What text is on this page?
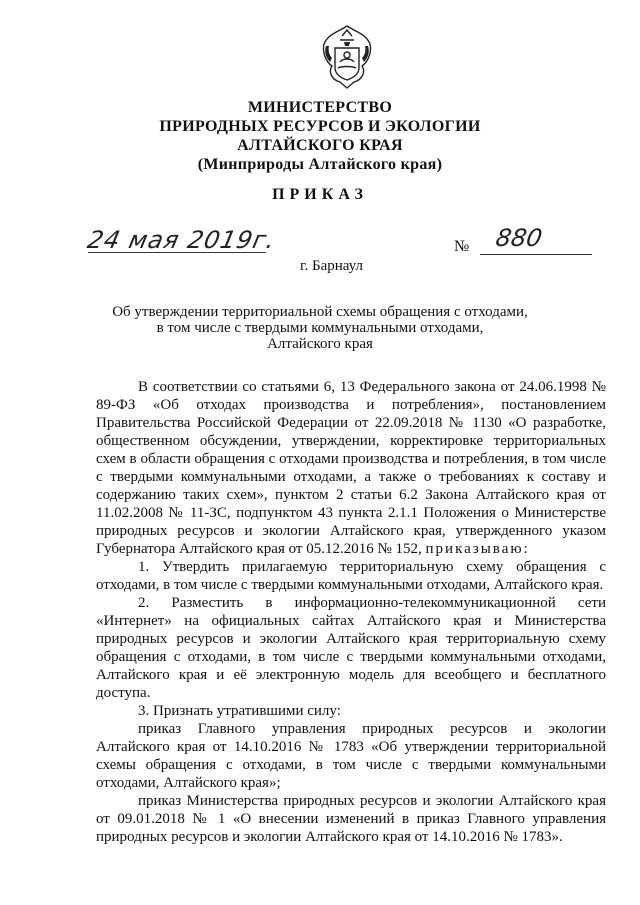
МИНИСТЕРСТВО
ПРИРОДНЫХ РЕСУРСОВ И ЭКОЛОГИИ
АЛТАЙСКОГО КРАЯ
(Минприроды Алтайского края)
ПРИКАЗ
24 мая 2019г.	№ 880
г. Барнаул
Об утверждении территориальной схемы обращения с отходами,
в том числе с твердыми коммунальными отходами,
Алтайского края

В соответствии со статьями 6, 13 Федерального закона от 24.06.1998 № 89-ФЗ «Об отходах производства и потребления», постановлением Правительства Российской Федерации от 22.09.2018 № 1130 «О разработке, общественном обсуждении, утверждении, корректировке территориальных схем в области обращения с отходами производства и потребления, в том числе с твердыми коммунальными отходами, а также о требованиях к составу и содержанию таких схем», пунктом 2 статьи 6.2 Закона Алтайского края от 11.02.2008 № 11-ЗС, подпунктом 43 пункта 2.1.1 Положения о Министерстве природных ресурсов и экологии Алтайского края, утвержденного указом Губернатора Алтайского края от 05.12.2016 № 152, приказываю:

1. Утвердить прилагаемую территориальную схему обращения с отходами, в том числе с твердыми коммунальными отходами, Алтайского края.

2. Разместить в информационно-телекоммуникационной сети «Интернет» на официальных сайтах Алтайского края и Министерства природных ресурсов и экологии Алтайского края территориальную схему обращения с отходами, в том числе с твердыми коммунальными отходами, Алтайского края и её электронную модель для всеобщего и бесплатного доступа.

3. Признать утратившими силу:

приказ Главного управления природных ресурсов и экологии Алтайского края от 14.10.2016 № 1783 «Об утверждении территориальной схемы обращения с отходами, в том числе с твердыми коммунальными отходами, Алтайского края»;

приказ Министерства природных ресурсов и экологии Алтайского края от 09.01.2018 № 1 «О внесении изменений в приказ Главного управления природных ресурсов и экологии Алтайского края от 14.10.2016 № 1783».
